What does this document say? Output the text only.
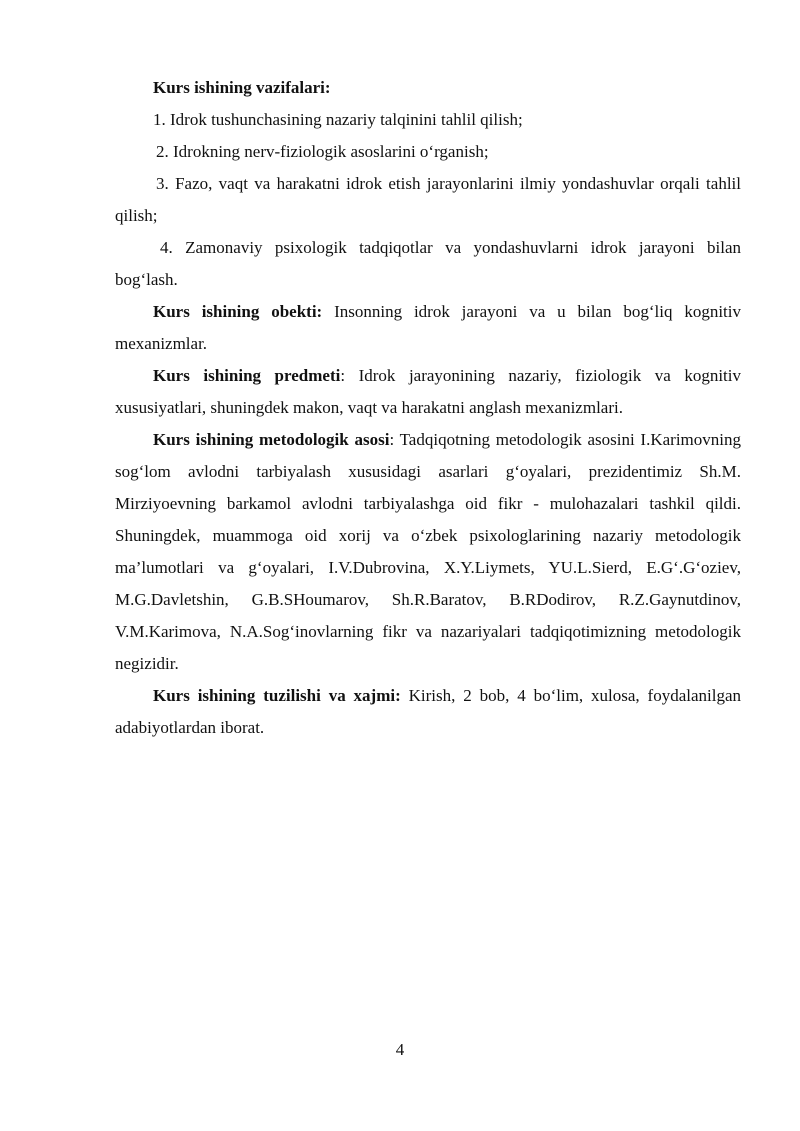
Kurs ishining vazifalari:

1. Idrok tushunchasining nazariy talqinini tahlil qilish;

2. Idrokning nerv-fiziologik asoslarini o‘rganish;

3. Fazo, vaqt va harakatni idrok etish jarayonlarini ilmiy yondashuvlar orqali tahlil qilish;

4. Zamonaviy psixologik tadqiqotlar va yondashuvlarni idrok jarayoni bilan bog‘lash.

Kurs ishining obekti: Insonning idrok jarayoni va u bilan bog‘liq kognitiv mexanizmlar.

Kurs ishining predmeti: Idrok jarayonining nazariy, fiziologik va kognitiv xususiyatlari, shuningdek makon, vaqt va harakatni anglash mexanizmlari.

Kurs ishining metodologik asosi: Tadqiqotning metodologik asosini I.Karimovning sog‘lom avlodni tarbiyalash xususidagi asarlari g‘oyalari, prezidentimiz Sh.M. Mirziyoevning barkamol avlodni tarbiyalashga oid fikr - mulohazalari tashkil qildi. Shuningdek, muammoga oid xorij va o‘zbek psixologlarining nazariy metodologik ma’lumotlari va g‘oyalari, I.V.Dubrovina, X.Y.Liymets, YU.L.Sierd, E.G‘.G‘oziev, M.G.Davletshin, G.B.SHoumarov, Sh.R.Baratov, B.RDodirov, R.Z.Gaynutdinov, V.M.Karimova, N.A.Sog‘inovlarning fikr va nazariyalari tadqiqotimizning metodologik negizidir.

Kurs ishining tuzilishi va xajmi: Kirish, 2 bob, 4 bo‘lim, xulosa, foydalanilgan adabiyotlardan iborat.

4
